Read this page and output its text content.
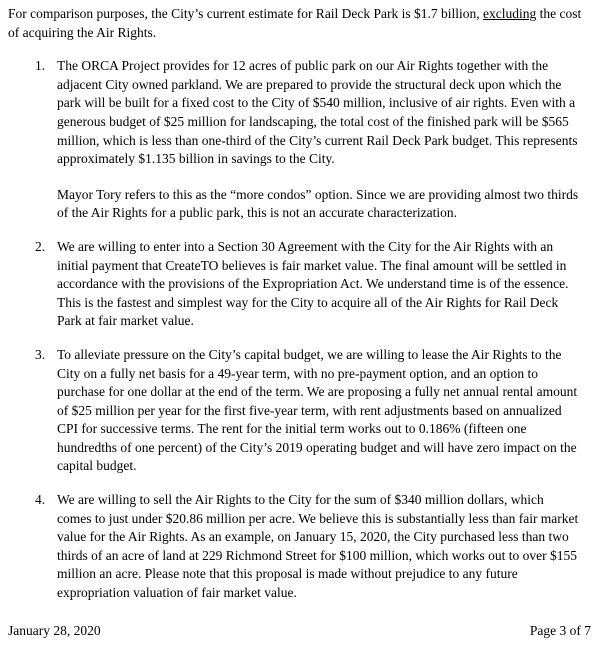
For comparison purposes, the City’s current estimate for Rail Deck Park is $1.7 billion, excluding the cost of acquiring the Air Rights.

1. The ORCA Project provides for 12 acres of public park on our Air Rights together with the adjacent City owned parkland. We are prepared to provide the structural deck upon which the park will be built for a fixed cost to the City of $540 million, inclusive of air rights. Even with a generous budget of $25 million for landscaping, the total cost of the finished park will be $565 million, which is less than one-third of the City’s current Rail Deck Park budget. This represents approximately $1.135 billion in savings to the City.
Mayor Tory refers to this as the “more condos” option. Since we are providing almost two thirds of the Air Rights for a public park, this is not an accurate characterization.
2. We are willing to enter into a Section 30 Agreement with the City for the Air Rights with an initial payment that CreateTO believes is fair market value. The final amount will be settled in accordance with the provisions of the Expropriation Act. We understand time is of the essence. This is the fastest and simplest way for the City to acquire all of the Air Rights for Rail Deck Park at fair market value.
3. To alleviate pressure on the City’s capital budget, we are willing to lease the Air Rights to the City on a fully net basis for a 49-year term, with no pre-payment option, and an option to purchase for one dollar at the end of the term. We are proposing a fully net annual rental amount of $25 million per year for the first five-year term, with rent adjustments based on annualized CPI for successive terms. The rent for the initial term works out to 0.186% (fifteen one hundredths of one percent) of the City’s 2019 operating budget and will have zero impact on the capital budget.
4. We are willing to sell the Air Rights to the City for the sum of $340 million dollars, which comes to just under $20.86 million per acre. We believe this is substantially less than fair market value for the Air Rights. As an example, on January 15, 2020, the City purchased less than two thirds of an acre of land at 229 Richmond Street for $100 million, which works out to over $155 million an acre. Please note that this proposal is made without prejudice to any future expropriation valuation of fair market value.
January 28, 2020	Page 3 of 7
